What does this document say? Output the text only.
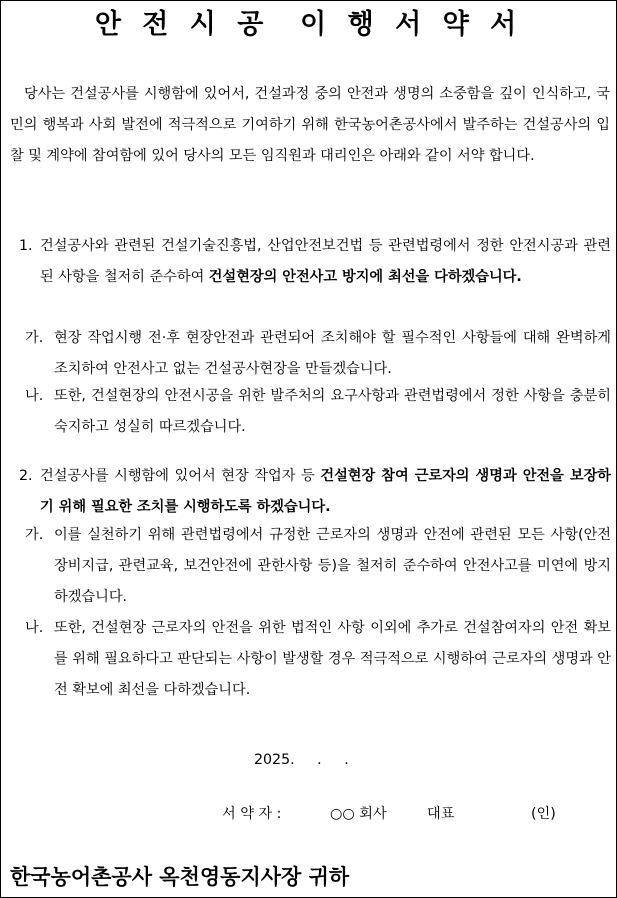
안 전 시 공  이 행 서 약 서

당사는 건설공사를 시행함에 있어서, 건설과정 중의 안전과 생명의 소중함을 깊이 인식하고, 국민의 행복과 사회 발전에 적극적으로 기여하기 위해 한국농어촌공사에서 발주하는 건설공사의 입찰 및 계약에 참여함에 있어 당사의 모든 임직원과 대리인은 아래와 같이 서약 합니다.

1. 건설공사와 관련된 건설기술진흥법, 산업안전보건법 등 관련법령에서 정한 안전시공과 관련된 사항을 철저히 준수하여 건설현장의 안전사고 방지에 최선을 다하겠습니다.
가. 현장 작업시행 전·후 현장안전과 관련되어 조치해야 할 필수적인 사항들에 대해 완벽하게 조치하여 안전사고 없는 건설공사현장을 만들겠습니다.
나. 또한, 건설현장의 안전시공을 위한 발주처의 요구사항과 관련법령에서 정한 사항을 충분히 숙지하고 성실히 따르겠습니다.
2. 건설공사를 시행함에 있어서 현장 작업자 등 건설현장 참여 근로자의 생명과 안전을 보장하기 위해 필요한 조치를 시행하도록 하겠습니다.
가. 이를 실천하기 위해 관련법령에서 규정한 근로자의 생명과 안전에 관련된 모든 사항(안전장비지급, 관련교육, 보건안전에 관한사항 등)을 철저히 준수하여 안전사고를 미연에 방지 하겠습니다.
나. 또한, 건설현장 근로자의 안전을 위한 법적인 사항 이외에 추가로 건설참여자의 안전 확보를 위해 필요하다고 판단되는 사항이 발생할 경우 적극적으로 시행하여 근로자의 생명과 안전 확보에 최선을 다하겠습니다.
2025.     .     .
서 약 자 :	○○ 회사	대표	(인)
한국농어촌공사 옥천영동지사장 귀하
